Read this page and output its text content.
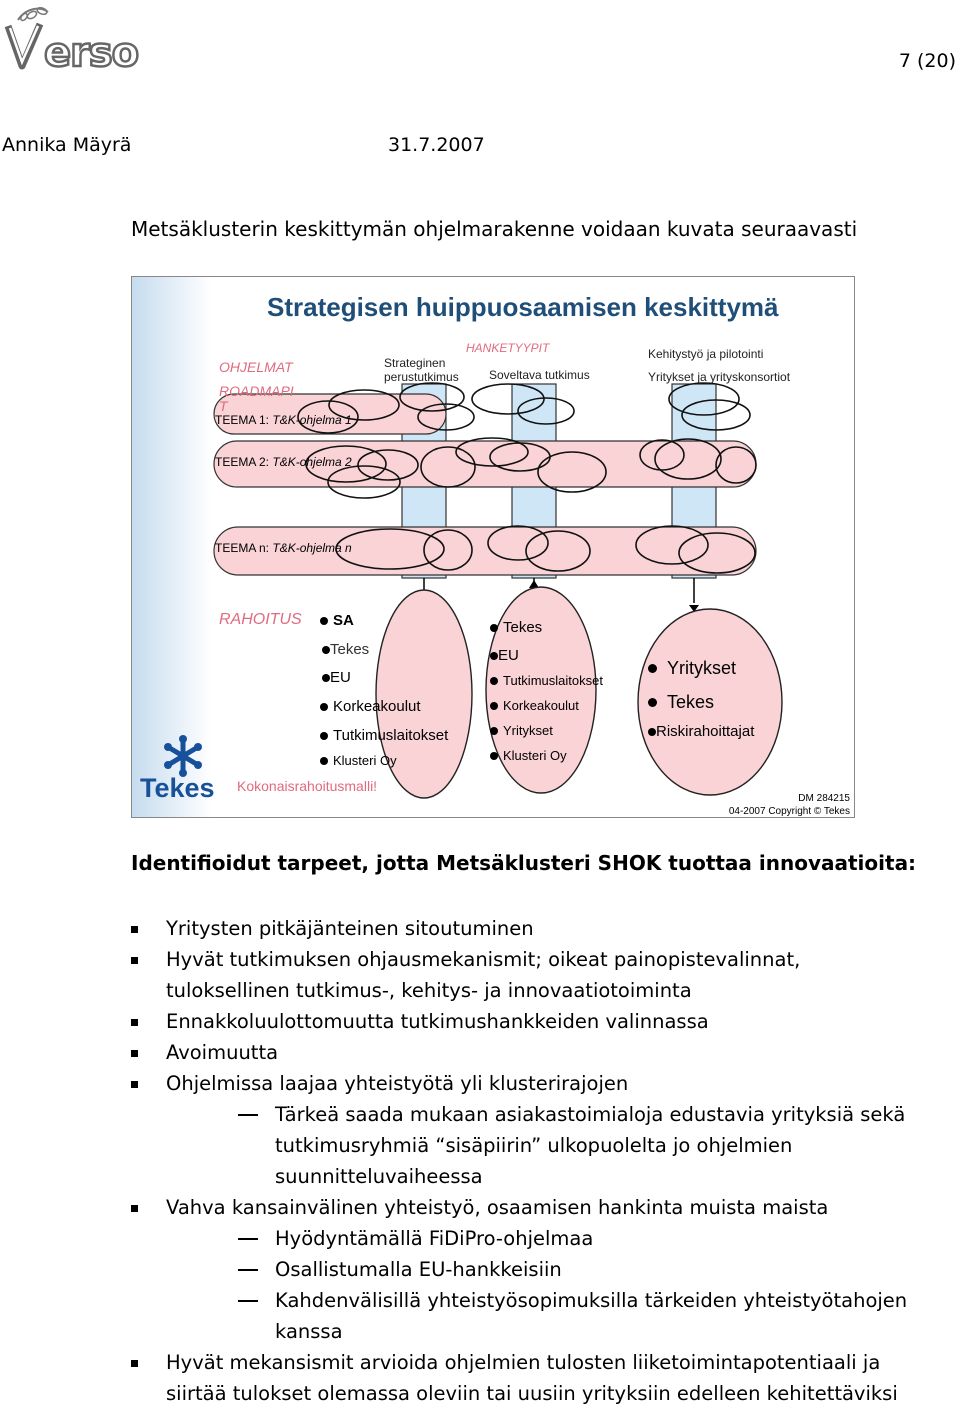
erso	7 (20)
Annika Mäyrä	31.7.2007
Metsäklusterin keskittymän ohjelmarakenne voidaan kuvata seuraavasti
Strategisen huippuosaamisen keskittymä
OHJELMAT
ROADMAPI
T
HANKETYYPIT
Strateginen
perustutkimus	Soveltava tutkimus
Kehitystyö ja pilotointi
Yritykset ja yrityskonsortiot
TEEMA 1: T&K-ohjelma 1
TEEMA 2: T&K-ohjelma 2
TEEMA n: T&K-ohjelma n
RAHOITUS SA
Tekes
EU
Korkeakoulut
Tutkimuslaitokset
Klusteri Oy
Tekes
EU
Tutkimuslaitokset
Korkeakoulut
Yritykset
Klusteri Oy
Yritykset
Tekes
Riskirahoittajat
Kokonaisrahoitusmalli!
Tekes	DM 284215
04-2007 Copyright © Tekes
Identifioidut tarpeet, jotta Metsäklusteri SHOK tuottaa innovaatioita:
Yritysten pitkäjänteinen sitoutuminen
Hyvät tutkimuksen ohjausmekanismit; oikeat painopistevalinnat,
tuloksellinen tutkimus-, kehitys- ja innovaatiotoiminta
Ennakkoluulottomuutta tutkimushankkeiden valinnassa
Avoimuutta
Ohjelmissa laajaa yhteistyötä yli klusterirajojen
Tärkeä saada mukaan asiakastoimialoja edustavia yrityksiä sekä
tutkimusryhmiä “sisäpiirin” ulkopuolelta jo ohjelmien
suunnitteluvaiheessa
Vahva kansainvälinen yhteistyö, osaamisen hankinta muista maista
Hyödyntämällä FiDiPro-ohjelmaa
Osallistumalla EU-hankkeisiin
Kahdenvälisillä yhteistyösopimuksilla tärkeiden yhteistyötahojen
kanssa
Hyvät mekansismit arvioida ohjelmien tulosten liiketoimintapotentiaali ja
siirtää tulokset olemassa oleviin tai uusiin yrityksiin edelleen kehitettäviksi
